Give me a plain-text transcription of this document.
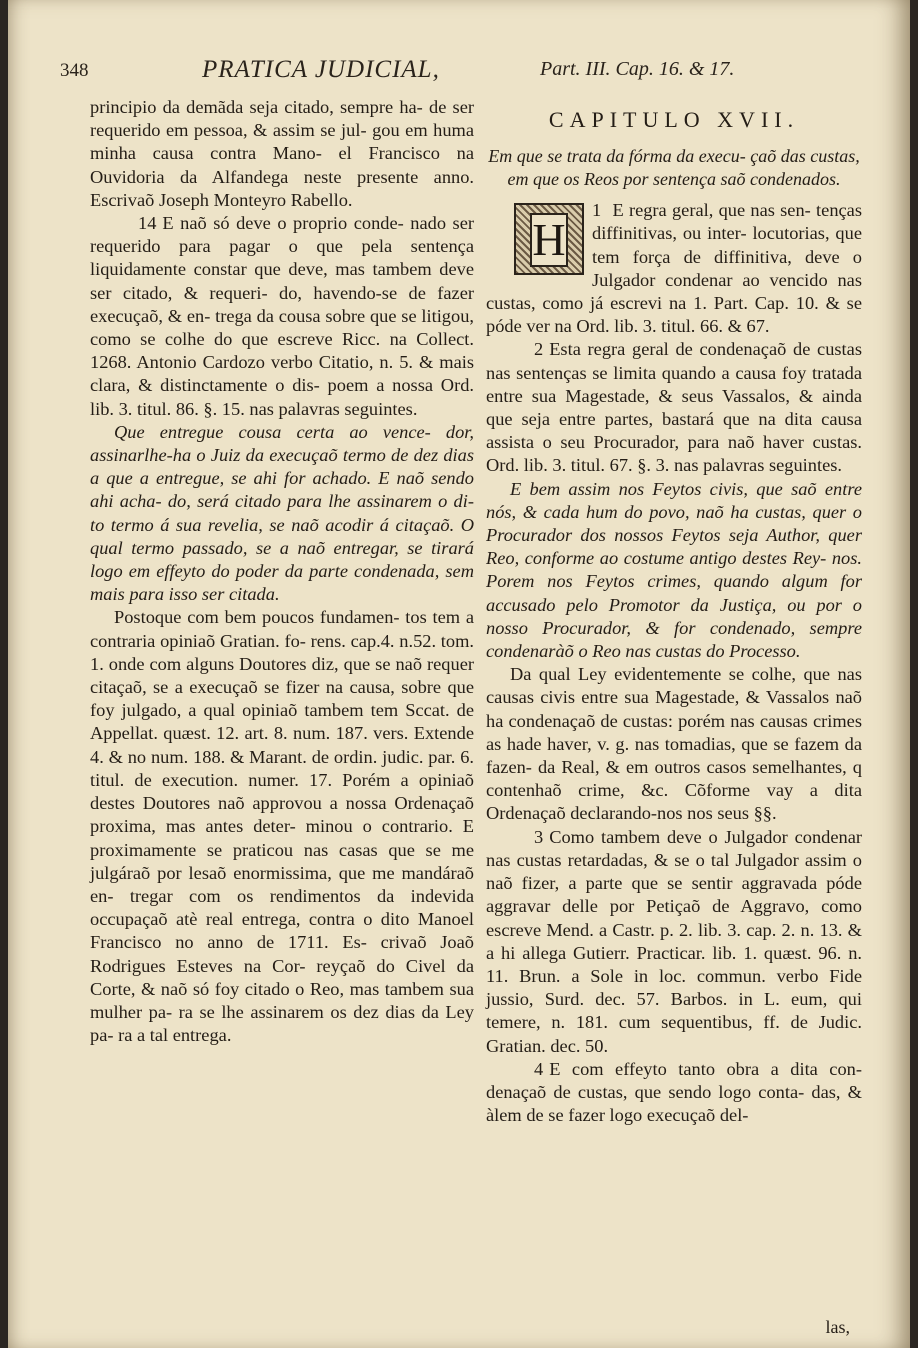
348	PRATICA JUDICIAL,	Part. III. Cap. 16. & 17.

principio da demãda seja citado, sempre ha- de ser requerido em pessoa, & assim se jul- gou em huma minha causa contra Mano- el Francisco na Ouvidoria da Alfandega neste presente anno. Escrivaõ Joseph Monteyro Rabello.

14 E naõ só deve o proprio conde- nado ser requerido para pagar o que pela sentença liquidamente constar que deve, mas tambem deve ser citado, & requeri- do, havendo-se de fazer execuçaõ, & en- trega da cousa sobre que se litigou, como se colhe do que escreve Ricc. na Collect. 1268. Antonio Cardozo verbo Citatio, n. 5. & mais clara, & distinctamente o dis- poem a nossa Ord. lib. 3. titul. 86. §. 15. nas palavras seguintes.

Que entregue cousa certa ao vence- dor, assinarlhe-ha o Juiz da execuçaõ termo de dez dias a que a entregue, se ahi for achado. E naõ sendo ahi acha- do, será citado para lhe assinarem o di- to termo á sua revelia, se naõ acodir á citaçaõ. O qual termo passado, se a naõ entregar, se tirará logo em effeyto do poder da parte condenada, sem mais para isso ser citada.

Postoque com bem poucos fundamen- tos tem a contraria opiniaõ Gratian. fo- rens. cap.4. n.52. tom. 1. onde com alguns Doutores diz, que se naõ requer citaçaõ, se a execuçaõ se fizer na causa, sobre que foy julgado, a qual opiniaõ tambem tem Sccat. de Appellat. quæst. 12. art. 8. num. 187. vers. Extende 4. & no num. 188. & Marant. de ordin. judic. par. 6. titul. de execution. numer. 17. Porém a opiniaõ destes Doutores naõ approvou a nossa Ordenaçaõ proxima, mas antes deter- minou o contrario. E proximamente se praticou nas casas que se me julgáraõ por lesaõ enormissima, que me mandáraõ en- tregar com os rendimentos da indevida occupaçaõ atè real entrega, contra o dito Manoel Francisco no anno de 1711. Es- crivaõ Joaõ Rodrigues Esteves na Cor- reyçaõ do Civel da Corte, & naõ só foy citado o Reo, mas tambem sua mulher pa- ra se lhe assinarem os dez dias da Ley pa- ra a tal entrega.

CAPITULO XVII.
Em que se trata da fórma da execu- çaõ das custas, em que os Reos por sentença saõ condenados.

1
H
E regra geral, que nas sen- tenças diffinitivas, ou inter- locutorias, que tem força de diffinitiva, deve o Julgador condenar ao vencido nas custas, como já escrevi na 1. Part. Cap. 10. & se póde ver na Ord. lib. 3. titul. 66. & 67.

2 Esta regra geral de condenaçaõ de custas nas sentenças se limita quando a causa foy tratada entre sua Magestade, & seus Vassalos, & ainda que seja entre partes, bastará que na dita causa assista o seu Procurador, para naõ haver custas. Ord. lib. 3. titul. 67. §. 3. nas palavras seguintes.

E bem assim nos Feytos civis, que saõ entre nós, & cada hum do povo, naõ ha custas, quer o Procurador dos nossos Feytos seja Author, quer Reo, conforme ao costume antigo destes Rey- nos. Porem nos Feytos crimes, quando algum for accusado pelo Promotor da Justiça, ou por o nosso Procurador, & for condenado, sempre condenaràõ o Reo nas custas do Processo.

Da qual Ley evidentemente se colhe, que nas causas civis entre sua Magestade, & Vassalos naõ ha condenaçaõ de custas: porém nas causas crimes as hade haver, v. g. nas tomadias, que se fazem da fazen- da Real, & em outros casos semelhantes, q contenhaõ crime, &c. Cõforme vay a dita Ordenaçaõ declarando-nos nos seus §§.

3 Como tambem deve o Julgador condenar nas custas retardadas, & se o tal Julgador assim o naõ fizer, a parte que se sentir aggravada póde aggravar delle por Petiçaõ de Aggravo, como escreve Mend. a Castr. p. 2. lib. 3. cap. 2. n. 13. & a hi allega Gutierr. Practicar. lib. 1. quæst. 96. n. 11. Brun. a Sole in loc. commun. verbo Fide jussio, Surd. dec. 57. Barbos. in L. eum, qui temere, n. 181. cum sequentibus, ff. de Judic. Gratian. dec. 50.

4 E com effeyto tanto obra a dita con- denaçaõ de custas, que sendo logo conta- das, & àlem de se fazer logo execuçaõ del-

las,
